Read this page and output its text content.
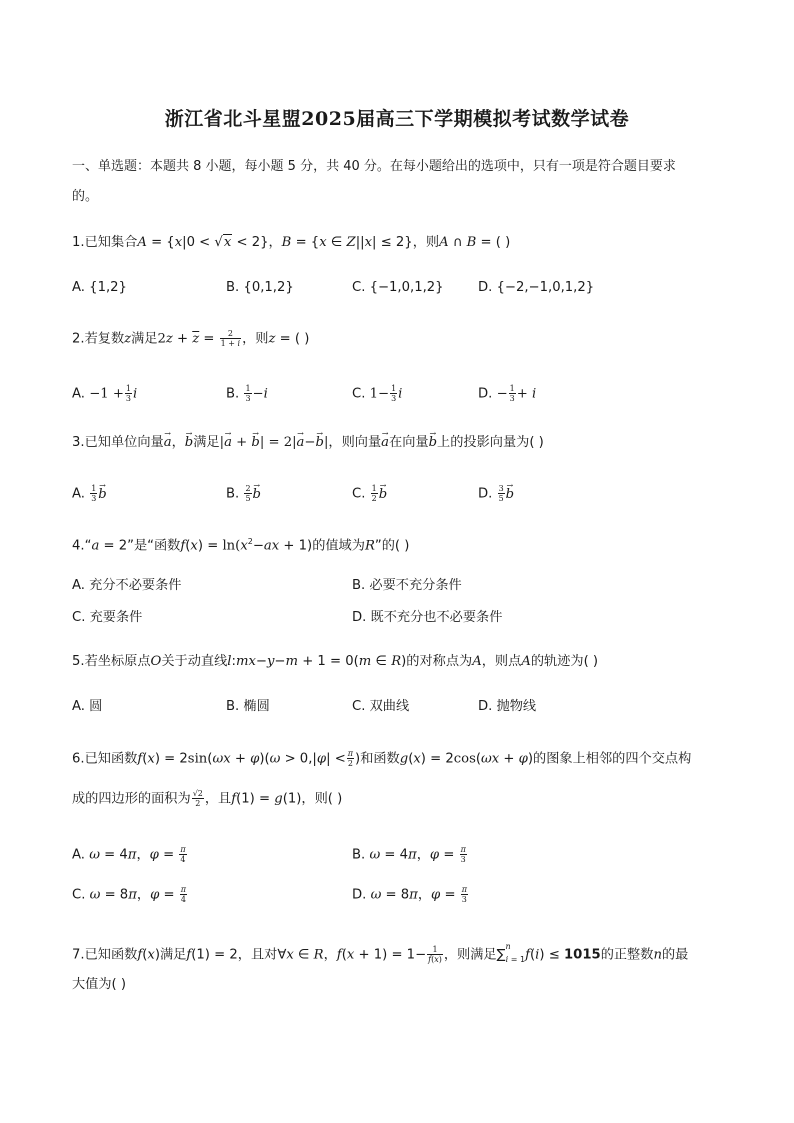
浙江省北斗星盟2025届高三下学期模拟考试数学试卷
一、单选题：本题共 8 小题，每小题 5 分，共 40 分。在每小题给出的选项中，只有一项是符合题目要求
的。
1.已知集合A = {x|0 < √x < 2}，B = {x ∈ Z||x| ≤ 2}，则A ∩ B = ( )
A. {1,2}	B. {0,1,2}	C. {−1,0,1,2}	D. {−2,−1,0,1,2}
2.若复数z满足$2z + \overline{z} = \frac{2}{1 + i}$ ，则z = ( )
A. $-1 + \frac{1}{3}$ i	B. $\frac{1}{3} -i$	C. $1- \frac{1}{3}$ i	D. − $\frac{1}{3} + i$
3.已知单位向量→ a，→ b满足|→ a + → b| = 2|→ a−→ b|，则向量→ a在向量→ b上的投影向量为( )
A. $\frac{1}{3} \to b$	B. $\frac{2}{5} \to b$	C. $\frac{1}{2} \to b$	D. $\frac{3}{5} \to b$
4.“a = 2”是“函数$f(x) = \ln(x^2-ax + 1)$的值域为R”的( )
A. 充分不必要条件	B. 必要不充分条件
C. 充要条件	D. 既不充分也不必要条件
5.若坐标原点O关于动直线l:mx−y−m + 1 = 0(m ∈ R)的对称点为A，则点A的轨迹为( )
A. 圆	B. 椭圆	C. 双曲线	D. 抛物线
6.已知函数$f(x) = 2\sin(\omega x + \varphi)(\omega > 0,|\varphi| < \frac{\pi}{2}$ )和函数g(x) = 2cos(ωx + φ)的图象上相邻的四个交点构
成的四边形的面积为 $\frac{√2}{2}$ ，且f(1) = g(1)，则( )
A. ω = 4π，$\varphi = \frac{\pi}{4}$	B. ω = 4π，$\varphi = \frac{\pi}{3}$
C. ω = 8π，$\varphi = \frac{\pi}{4}$	D. ω = 8π，$\varphi = \frac{\pi}{3}$
7.已知函数f(x)满足f(1) = 2，且对∀x ∈ R，$f(x + 1) = 1- \frac{1}{f(x)}$ ，则满足∑$^n_{i = 1}$f(i) ≤ 1015的正整数n的最
大值为( )
